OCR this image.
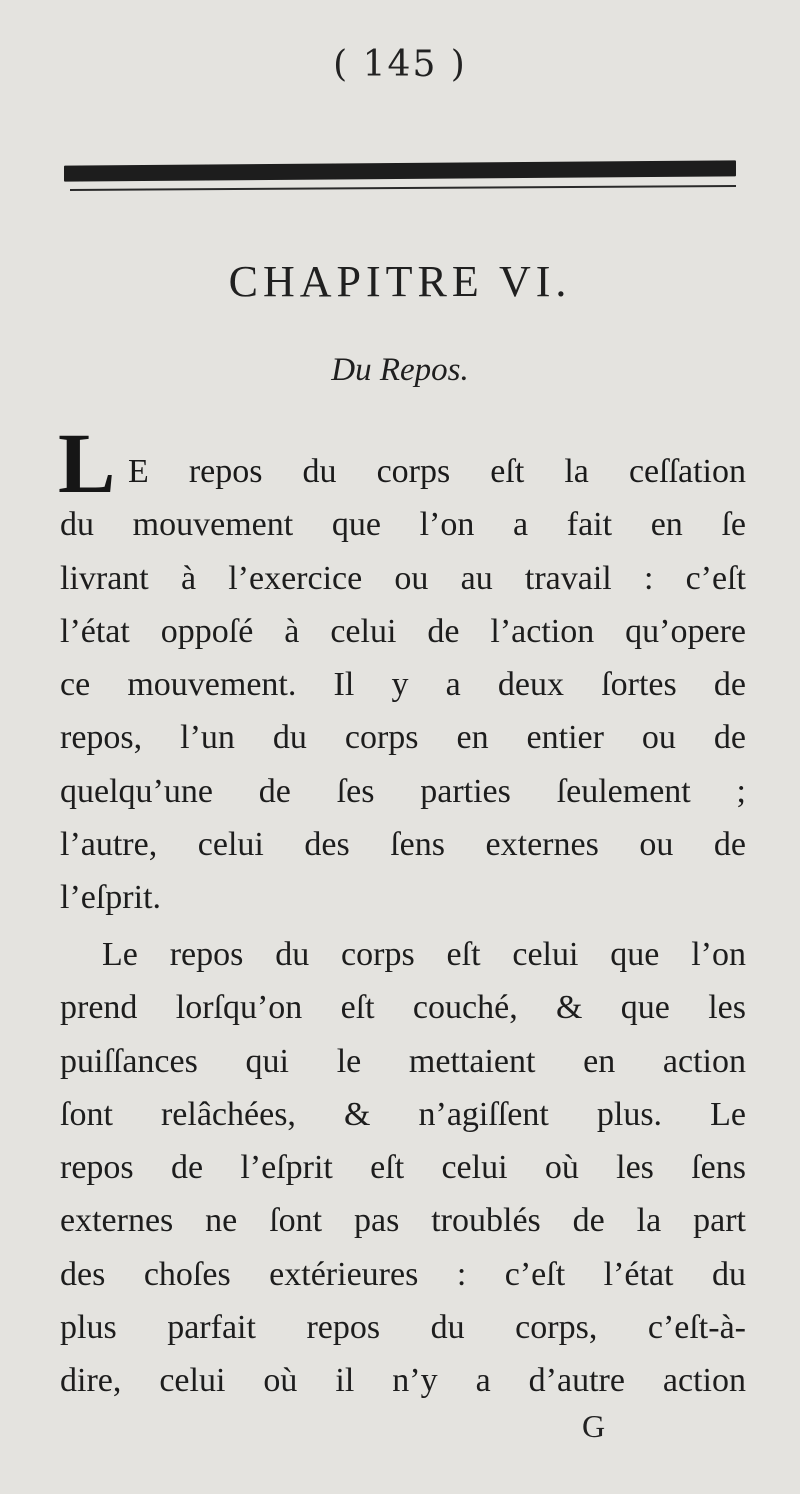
( 145 )
CHAPITRE VI.
Du Repos.
L E repos du corps eſt la ceſſation
du mouvement que l’on a fait en ſe
livrant à l’exercice ou au travail : c’eſt
l’état oppoſé à celui de l’action qu’opere
ce mouvement. Il y a deux ſortes de
repos, l’un du corps en entier ou de
quelqu’une de ſes parties ſeulement ;
l’autre, celui des ſens externes ou de
l’eſprit.
Le repos du corps eſt celui que l’on
prend lorſqu’on eſt couché, & que les
puiſſances qui le mettaient en action
ſont relâchées, & n’agiſſent plus. Le
repos de l’eſprit eſt celui où les ſens
externes ne ſont pas troublés de la part
des choſes extérieures : c’eſt l’état du
plus parfait repos du corps, c’eſt-à-
dire, celui où il n’y a d’autre action
G
